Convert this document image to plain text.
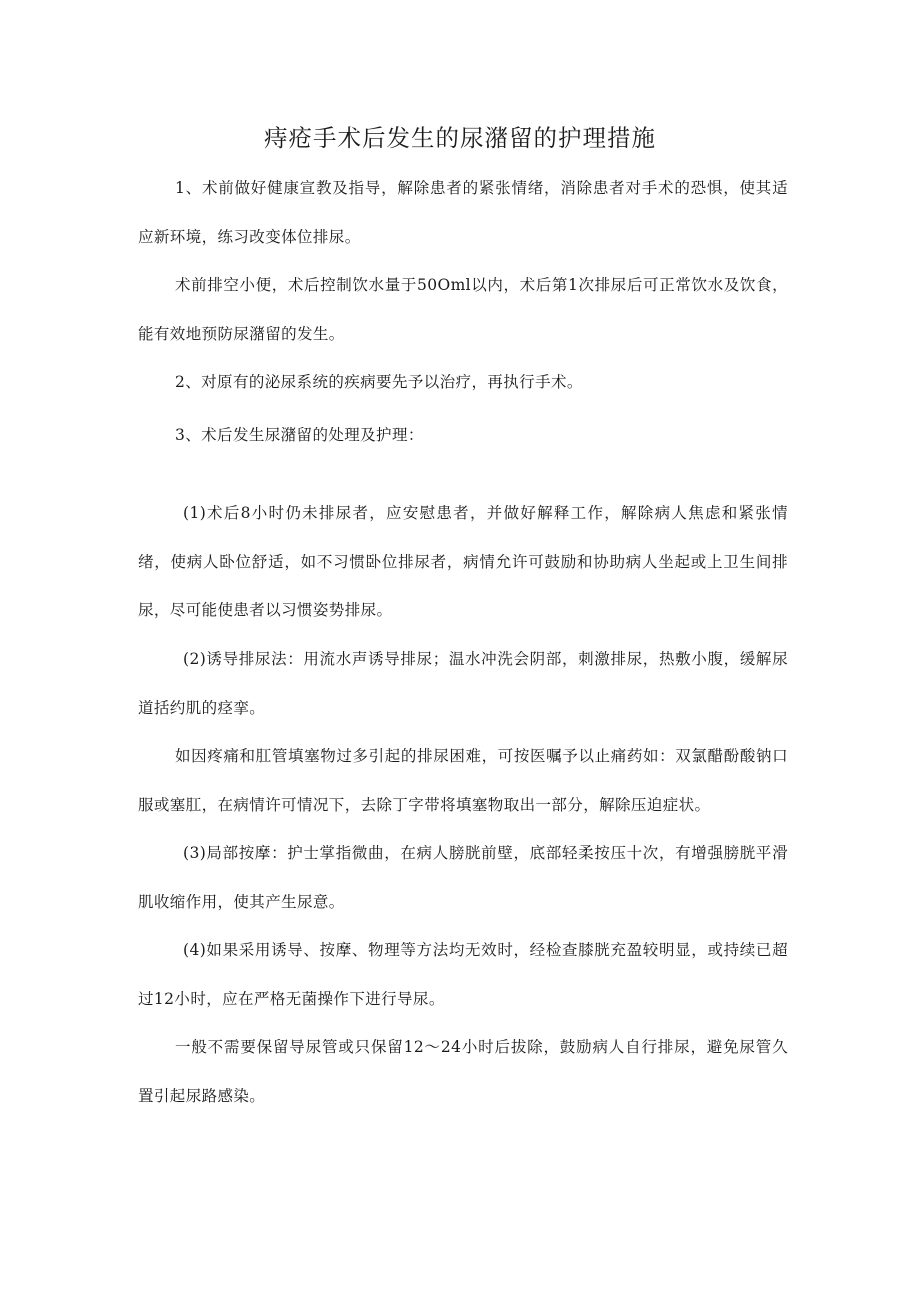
痔疮手术后发生的尿潴留的护理措施

1、术前做好健康宣教及指导，解除患者的紧张情绪，消除患者对手术的恐惧，使其适应新环境，练习改变体位排尿。

术前排空小便，术后控制饮水量于50Oml以内，术后第1次排尿后可正常饮水及饮食，能有效地预防尿潴留的发生。

2、对原有的泌尿系统的疾病要先予以治疗，再执行手术。

3、术后发生尿潴留的处理及护理：

(1)术后8小时仍未排尿者，应安慰患者，并做好解释工作，解除病人焦虑和紧张情绪，使病人卧位舒适，如不习惯卧位排尿者，病情允许可鼓励和协助病人坐起或上卫生间排尿，尽可能使患者以习惯姿势排尿。

(2)诱导排尿法：用流水声诱导排尿；温水冲洗会阴部，刺激排尿，热敷小腹，缓解尿道括约肌的痉挛。

如因疼痛和肛管填塞物过多引起的排尿困难，可按医嘱予以止痛药如：双氯醋酚酸钠口服或塞肛，在病情许可情况下，去除丁字带将填塞物取出一部分，解除压迫症状。

(3)局部按摩：护士掌指微曲，在病人膀胱前壁，底部轻柔按压十次，有增强膀胱平滑肌收缩作用，使其产生尿意。

(4)如果采用诱导、按摩、物理等方法均无效时，经检查膝胱充盈较明显，或持续已超过12小时，应在严格无菌操作下进行导尿。

一般不需要保留导尿管或只保留12～24小时后拔除，鼓励病人自行排尿，避免尿管久置引起尿路感染。
